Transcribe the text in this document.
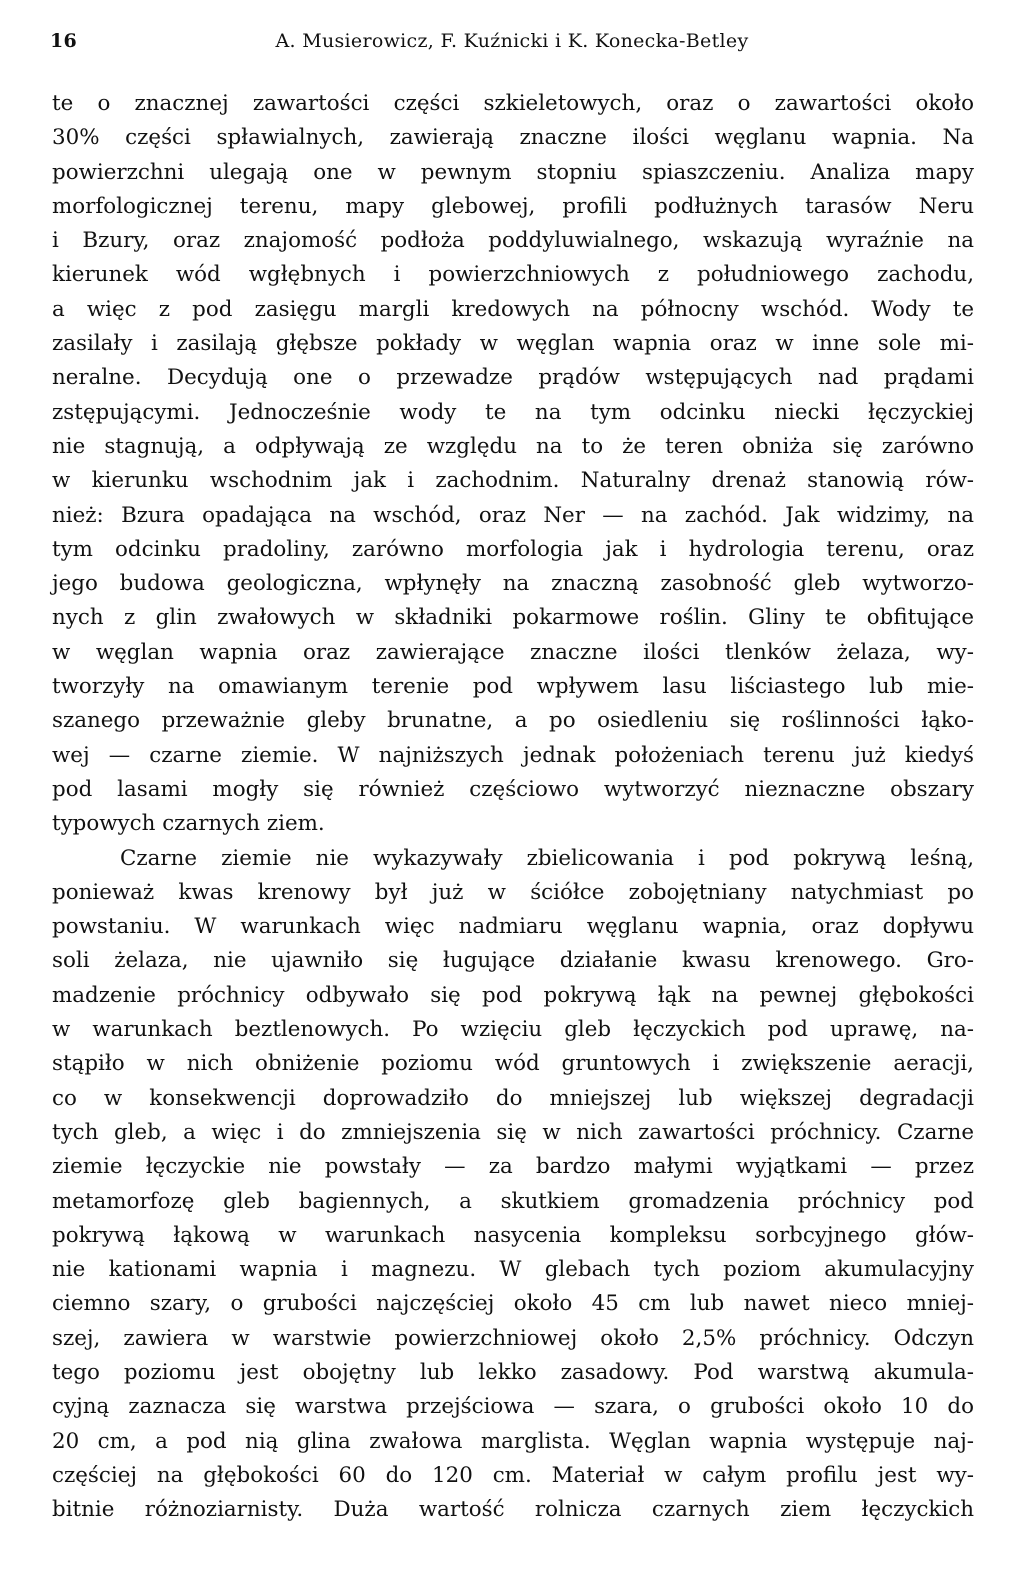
16	A. Musierowicz, F. Kuźnicki i K. Konecka-Betley
te o znacznej zawartości części szkieletowych, oraz o zawartości około
30% części spławialnych, zawierają znaczne ilości węglanu wapnia. Na
powierzchni ulegają one w pewnym stopniu spiaszczeniu. Analiza mapy
morfologicznej terenu, mapy glebowej, profili podłużnych tarasów Neru
i Bzury, oraz znajomość podłoża poddyluwialnego, wskazują wyraźnie na
kierunek wód wgłębnych i powierzchniowych z południowego zachodu,
a więc z pod zasięgu margli kredowych na północny wschód. Wody te
zasilały i zasilają głębsze pokłady w węglan wapnia oraz w inne sole mi-
neralne. Decydują one o przewadze prądów wstępujących nad prądami
zstępującymi. Jednocześnie wody te na tym odcinku niecki łęczyckiej
nie stagnują, a odpływają ze względu na to że teren obniża się zarówno
w kierunku wschodnim jak i zachodnim. Naturalny drenaż stanowią rów-
nież: Bzura opadająca na wschód, oraz Ner — na zachód. Jak widzimy, na
tym odcinku pradoliny, zarówno morfologia jak i hydrologia terenu, oraz
jego budowa geologiczna, wpłynęły na znaczną zasobność gleb wytworzo-
nych z glin zwałowych w składniki pokarmowe roślin. Gliny te obfitujące
w węglan wapnia oraz zawierające znaczne ilości tlenków żelaza, wy-
tworzyły na omawianym terenie pod wpływem lasu liściastego lub mie-
szanego przeważnie gleby brunatne, a po osiedleniu się roślinności łąko-
wej — czarne ziemie. W najniższych jednak położeniach terenu już kiedyś
pod lasami mogły się również częściowo wytworzyć nieznaczne obszary
typowych czarnych ziem.
Czarne ziemie nie wykazywały zbielicowania i pod pokrywą leśną,
ponieważ kwas krenowy był już w ściółce zobojętniany natychmiast po
powstaniu. W warunkach więc nadmiaru węglanu wapnia, oraz dopływu
soli żelaza, nie ujawniło się ługujące działanie kwasu krenowego. Gro-
madzenie próchnicy odbywało się pod pokrywą łąk na pewnej głębokości
w warunkach beztlenowych. Po wzięciu gleb łęczyckich pod uprawę, na-
stąpiło w nich obniżenie poziomu wód gruntowych i zwiększenie aeracji,
co w konsekwencji doprowadziło do mniejszej lub większej degradacji
tych gleb, a więc i do zmniejszenia się w nich zawartości próchnicy. Czarne
ziemie łęczyckie nie powstały — za bardzo małymi wyjątkami — przez
metamorfozę gleb bagiennych, a skutkiem gromadzenia próchnicy pod
pokrywą łąkową w warunkach nasycenia kompleksu sorbcyjnego głów-
nie kationami wapnia i magnezu. W glebach tych poziom akumulacyjny
ciemno szary, o grubości najczęściej około 45 cm lub nawet nieco mniej-
szej, zawiera w warstwie powierzchniowej około 2,5% próchnicy. Odczyn
tego poziomu jest obojętny lub lekko zasadowy. Pod warstwą akumula-
cyjną zaznacza się warstwa przejściowa — szara, o grubości około 10 do
20 cm, a pod nią glina zwałowa marglista. Węglan wapnia występuje naj-
częściej na głębokości 60 do 120 cm. Materiał w całym profilu jest wy-
bitnie różnoziarnisty. Duża wartość rolnicza czarnych ziem łęczyckich
